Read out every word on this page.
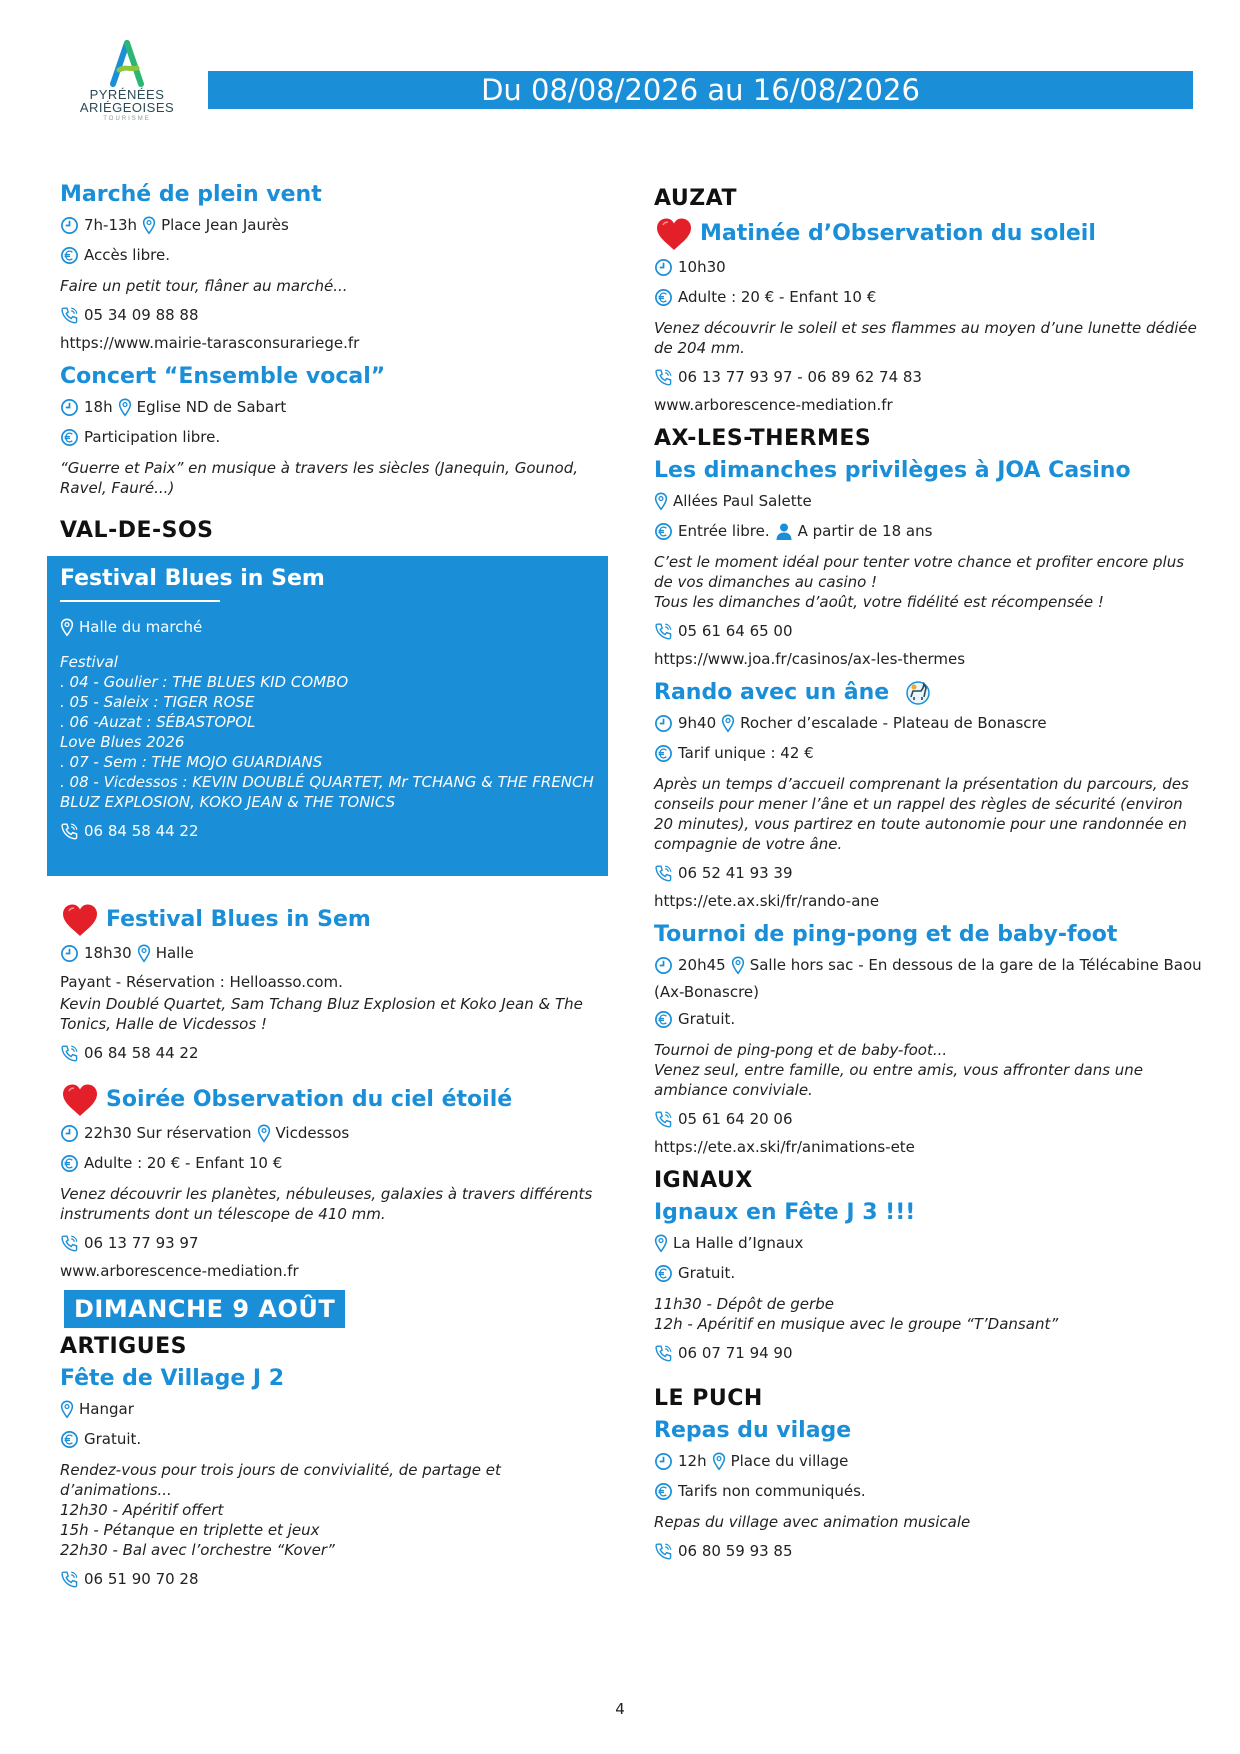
PYRÉNÉES
ARIÉGEOISES
TOURISME
Du 08/08/2026 au 16/08/2026
Marché de plein vent
7h-13h Place Jean Jaurès
Accès libre.
Faire un petit tour, flâner au marché...
05 34 09 88 88
https://www.mairie-tarasconsurariege.fr
Concert “Ensemble vocal”
18h Eglise ND de Sabart
Participation libre.
“Guerre et Paix” en musique à travers les siècles (Janequin, Gounod, Ravel, Fauré...)
VAL-DE-SOS
Festival Blues in Sem
Halle du marché
Festival
. 04 - Goulier : THE BLUES KID COMBO
. 05 - Saleix : TIGER ROSE
. 06 -Auzat : SÉBASTOPOL
Love Blues 2026
. 07 - Sem : THE MOJO GUARDIANS
. 08 - Vicdessos : KEVIN DOUBLÉ QUARTET, Mr TCHANG & THE FRENCH BLUZ EXPLOSION, KOKO JEAN & THE TONICS
06 84 58 44 22
Festival Blues in Sem
18h30 Halle
Payant - Réservation : Helloasso.com.
Kevin Doublé Quartet, Sam Tchang Bluz Explosion et Koko Jean & The Tonics, Halle de Vicdessos !
06 84 58 44 22
Soirée Observation du ciel étoilé
22h30 Sur réservation Vicdessos
Adulte : 20 € - Enfant 10 €
Venez découvrir les planètes, nébuleuses, galaxies à travers différents instruments dont un télescope de 410 mm.
06 13 77 93 97
www.arborescence-mediation.fr
DIMANCHE 9 AOÛT
ARTIGUES
Fête de Village J 2
Hangar
Gratuit.
Rendez-vous pour trois jours de convivialité, de partage et d’animations...
12h30 - Apéritif offert
15h - Pétanque en triplette et jeux
22h30 - Bal avec l’orchestre “Kover”
06 51 90 70 28
AUZAT
Matinée d’Observation du soleil
10h30
Adulte : 20 € - Enfant 10 €
Venez découvrir le soleil et ses flammes au moyen d’une lunette dédiée de 204 mm.
06 13 77 93 97 - 06 89 62 74 83
www.arborescence-mediation.fr
AX-LES-THERMES
Les dimanches privilèges à JOA Casino
Allées Paul Salette
Entrée libre. A partir de 18 ans
C’est le moment idéal pour tenter votre chance et profiter encore plus de vos dimanches au casino !
Tous les dimanches d’août, votre fidélité est récompensée !
05 61 64 65 00
https://www.joa.fr/casinos/ax-les-thermes
Rando avec un âne
9h40 Rocher d’escalade - Plateau de Bonascre
Tarif unique : 42 €
Après un temps d’accueil comprenant la présentation du parcours, des conseils pour mener l’âne et un rappel des règles de sécurité (environ 20 minutes), vous partirez en toute autonomie pour une randonnée en compagnie de votre âne.
06 52 41 93 39
https://ete.ax.ski/fr/rando-ane
Tournoi de ping-pong et de baby-foot
20h45 Salle hors sac - En dessous de la gare de la Télécabine Baou
(Ax-Bonascre)
Gratuit.
Tournoi de ping-pong et de baby-foot...
Venez seul, entre famille, ou entre amis, vous affronter dans une ambiance conviviale.
05 61 64 20 06
https://ete.ax.ski/fr/animations-ete
IGNAUX
Ignaux en Fête J 3 !!!
La Halle d’Ignaux
Gratuit.
11h30 - Dépôt de gerbe
12h - Apéritif en musique avec le groupe “T’Dansant”
06 07 71 94 90
LE PUCH
Repas du vilage
12h Place du village
Tarifs non communiqués.
Repas du village avec animation musicale
06 80 59 93 85
4
